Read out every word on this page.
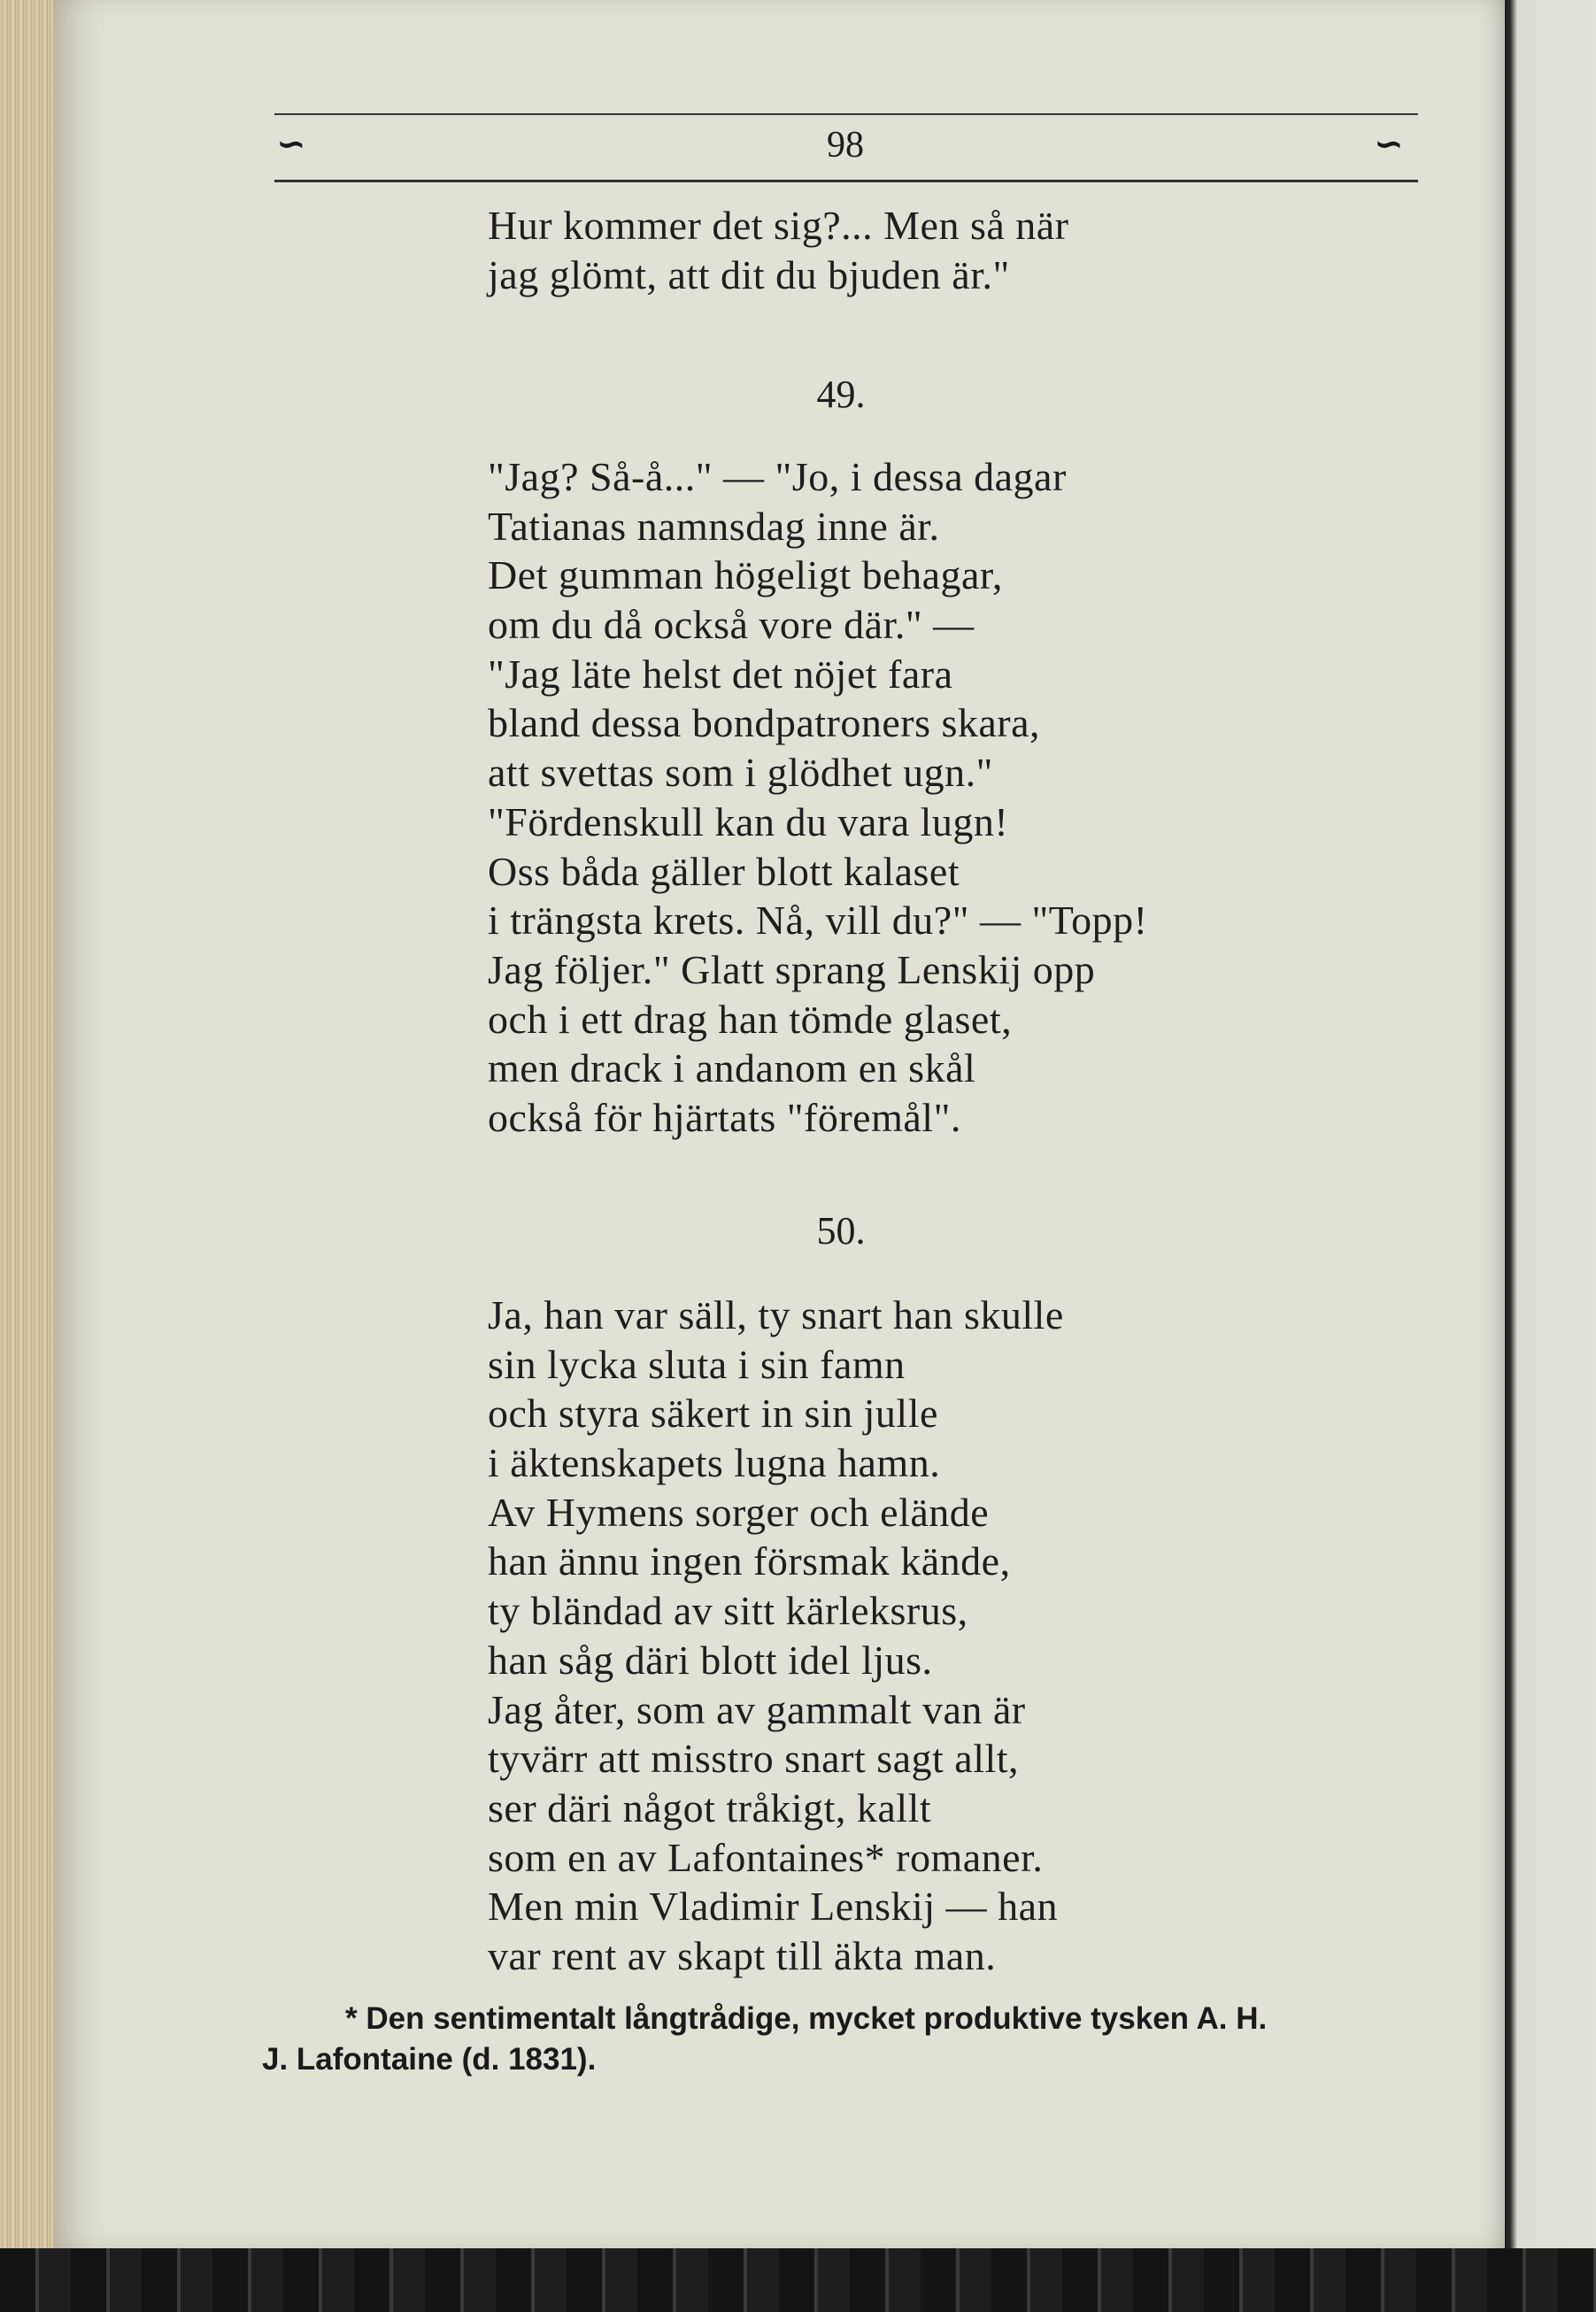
∽	98	∽
Hur kommer det sig?... Men så när
jag glömt, att dit du bjuden är."
49.
"Jag? Så-å..." — "Jo, i dessa dagar
Tatianas namnsdag inne är.
Det gumman högeligt behagar,
om du då också vore där." —
"Jag läte helst det nöjet fara
bland dessa bondpatroners skara,
att svettas som i glödhet ugn."
"Fördenskull kan du vara lugn!
Oss båda gäller blott kalaset
i trängsta krets. Nå, vill du?" — "Topp!
Jag följer." Glatt sprang Lenskij opp
och i ett drag han tömde glaset,
men drack i andanom en skål
också för hjärtats "föremål".
50.
Ja, han var säll, ty snart han skulle
sin lycka sluta i sin famn
och styra säkert in sin julle
i äktenskapets lugna hamn.
Av Hymens sorger och elände
han ännu ingen försmak kände,
ty bländad av sitt kärleksrus,
han såg däri blott idel ljus.
Jag åter, som av gammalt van är
tyvärr att misstro snart sagt allt,
ser däri något tråkigt, kallt
som en av Lafontaines* romaner.
Men min Vladimir Lenskij — han
var rent av skapt till äkta man.
* Den sentimentalt långtrådige, mycket produktive tysken A. H.
J. Lafontaine (d. 1831).
